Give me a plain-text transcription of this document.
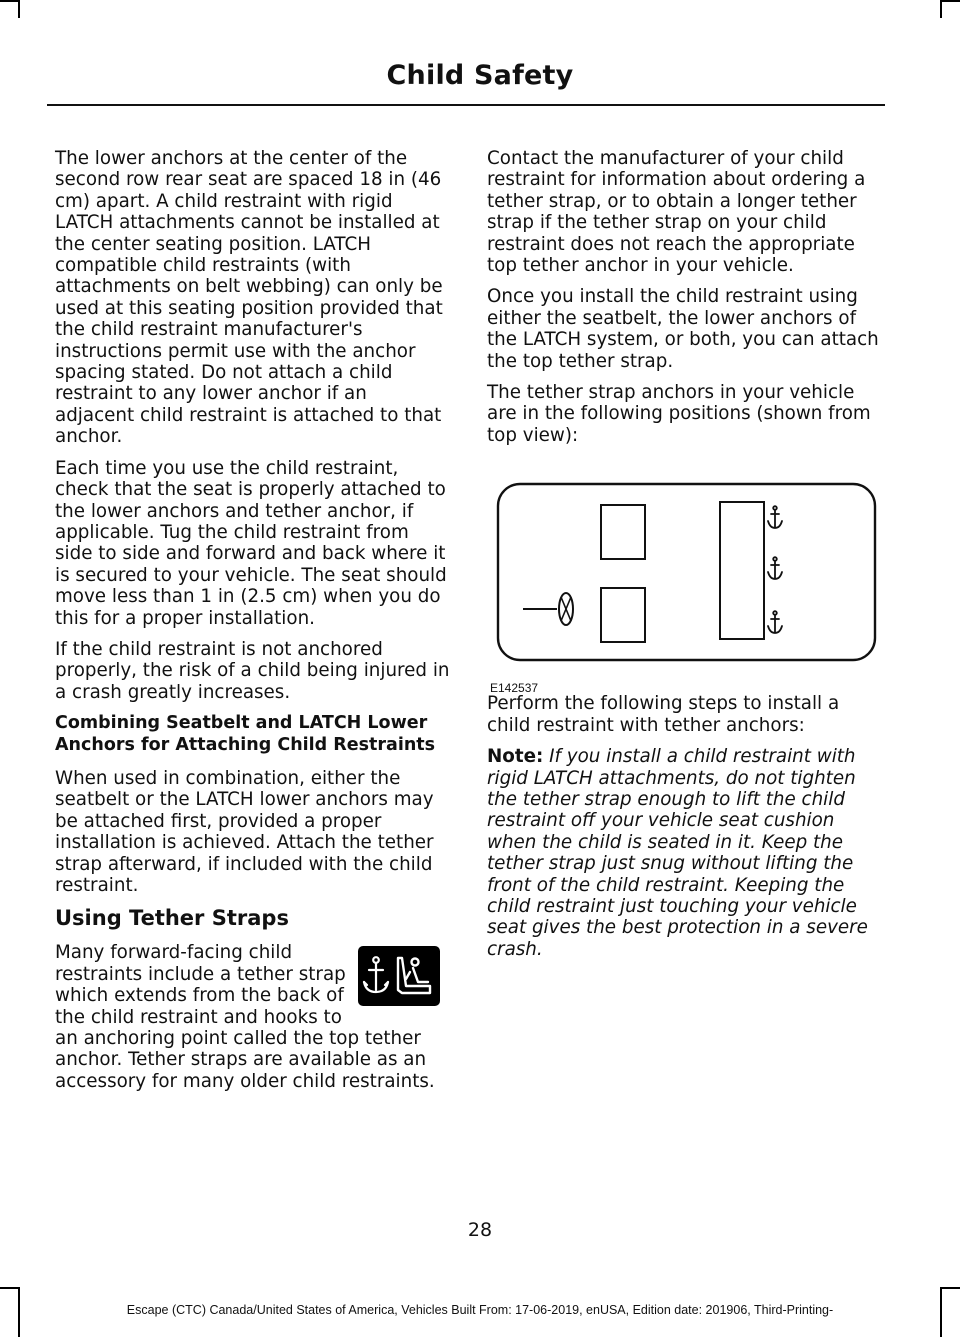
Child Safety

The lower anchors at the center of the second row rear seat are spaced 18 in (46 cm) apart. A child restraint with rigid LATCH attachments cannot be installed at the center seating position. LATCH compatible child restraints (with attachments on belt webbing) can only be used at this seating position provided that the child restraint manufacturer's instructions permit use with the anchor spacing stated. Do not attach a child restraint to any lower anchor if an adjacent child restraint is attached to that anchor.

Each time you use the child restraint, check that the seat is properly attached to the lower anchors and tether anchor, if applicable. Tug the child restraint from side to side and forward and back where it is secured to your vehicle. The seat should move less than 1 in (2.5 cm) when you do this for a proper installation.

If the child restraint is not anchored properly, the risk of a child being injured in a crash greatly increases.

Combining Seatbelt and LATCH Lower Anchors for Attaching Child Restraints

When used in combination, either the seatbelt or the LATCH lower anchors may be attached first, provided a proper installation is achieved. Attach the tether strap afterward, if included with the child restraint.

Using Tether Straps

Many forward-facing child restraints include a tether strap which extends from the back of the child restraint and hooks to an anchoring point called the top tether anchor. Tether straps are available as an accessory for many older child restraints.

Contact the manufacturer of your child restraint for information about ordering a tether strap, or to obtain a longer tether strap if the tether strap on your child restraint does not reach the appropriate top tether anchor in your vehicle.

Once you install the child restraint using either the seatbelt, the lower anchors of the LATCH system, or both, you can attach the top tether strap.

The tether strap anchors in your vehicle are in the following positions (shown from top view):

E142537

Perform the following steps to install a child restraint with tether anchors:

Note: If you install a child restraint with rigid LATCH attachments, do not tighten the tether strap enough to lift the child restraint off your vehicle seat cushion when the child is seated in it. Keep the tether strap just snug without lifting the front of the child restraint. Keeping the child restraint just touching your vehicle seat gives the best protection in a severe crash.

28
Escape (CTC) Canada/United States of America, Vehicles Built From: 17-06-2019, enUSA, Edition date: 201906, Third-Printing-
